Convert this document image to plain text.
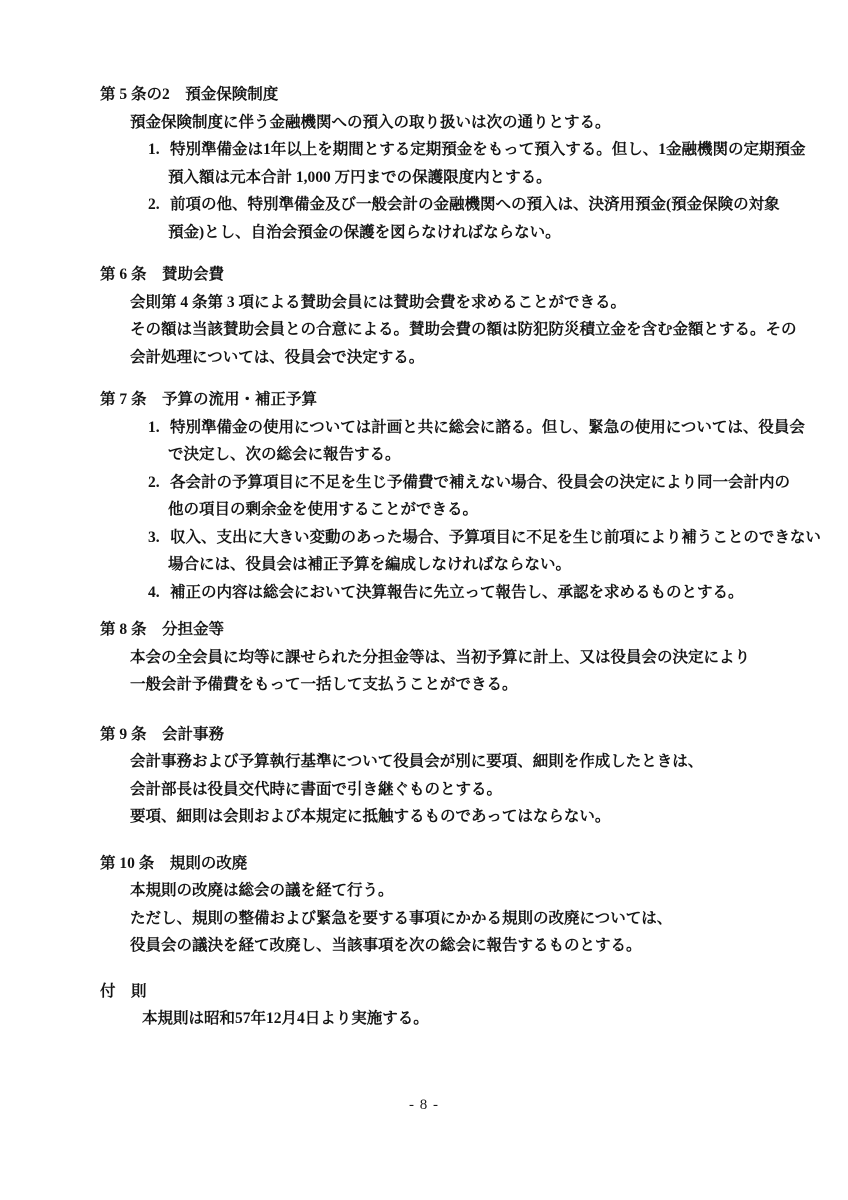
第 5 条の2　預金保険制度
預金保険制度に伴う金融機関への預入の取り扱いは次の通りとする。
1. 特別準備金は1年以上を期間とする定期預金をもって預入する。但し、1金融機関の定期預金
預入額は元本合計 1,000 万円までの保護限度内とする。
2. 前項の他、特別準備金及び一般会計の金融機関への預入は、決済用預金(預金保険の対象
預金)とし、自治会預金の保護を図らなければならない。
第 6 条　賛助会費
会則第 4 条第 3 項による賛助会員には賛助会費を求めることができる。
その額は当該賛助会員との合意による。賛助会費の額は防犯防災積立金を含む金額とする。その
会計処理については、役員会で決定する。
第 7 条　予算の流用・補正予算
1. 特別準備金の使用については計画と共に総会に諮る。但し、緊急の使用については、役員会
で決定し、次の総会に報告する。
2. 各会計の予算項目に不足を生じ予備費で補えない場合、役員会の決定により同一会計内の
他の項目の剰余金を使用することができる。
3. 収入、支出に大きい変動のあった場合、予算項目に不足を生じ前項により補うことのできない
場合には、役員会は補正予算を編成しなければならない。
4. 補正の内容は総会において決算報告に先立って報告し、承認を求めるものとする。
第 8 条　分担金等
本会の全会員に均等に課せられた分担金等は、当初予算に計上、又は役員会の決定により
一般会計予備費をもって一括して支払うことができる。
第 9 条　会計事務
会計事務および予算執行基準について役員会が別に要項、細則を作成したときは、
会計部長は役員交代時に書面で引き継ぐものとする。
要項、細則は会則および本規定に抵触するものであってはならない。
第 10 条　規則の改廃
本規則の改廃は総会の議を経て行う。
ただし、規則の整備および緊急を要する事項にかかる規則の改廃については、
役員会の議決を経て改廃し、当該事項を次の総会に報告するものとする。
付　則
本規則は昭和57年12月4日より実施する。
- 8 -
